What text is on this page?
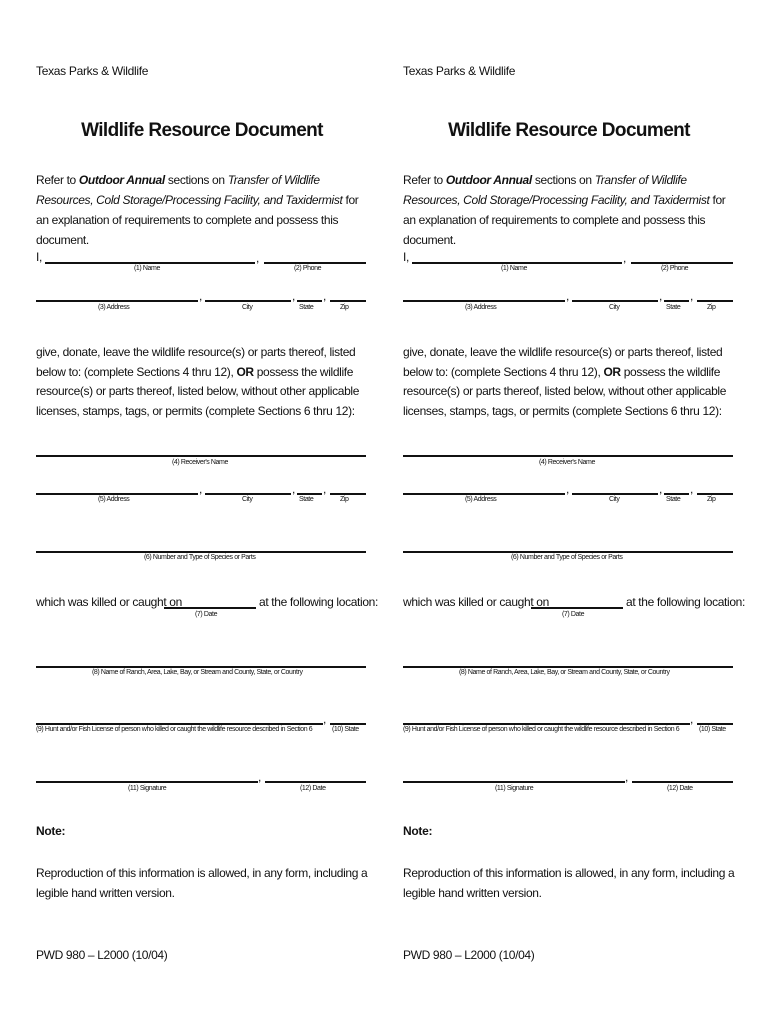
Texas Parks & Wildlife
Wildlife Resource Document
Refer to Outdoor Annual sections on Transfer of Wildlife Resources, Cold Storage/Processing Facility, and Taxidermist for an explanation of requirements to complete and possess this document.
I,	,
(1) Name	(2) Phone
,	, ,
(3) Address	City	State	Zip
give, donate, leave the wildlife resource(s) or parts thereof, listed below to: (complete Sections 4 thru 12), OR possess the wildlife resource(s) or parts thereof, listed below, without other applicable licenses, stamps, tags, or permits (complete Sections 6 thru 12):
(4) Receiver's Name
,	, ,
(5) Address	City	State	Zip
(6) Number and Type of Species or Parts
which was killed or caught on	at the following location:
(7) Date
(8) Name of Ranch, Area, Lake, Bay, or Stream and County, State, or Country
,
(9) Hunt and/or Fish License of person who killed or caught the wildlife resource described in Section 6	(10) State
,
(11) Signature	(12) Date
Note:
Reproduction of this information is allowed, in any form, including a legible hand written version.
PWD 980 – L2000 (10/04)
Texas Parks & Wildlife
Wildlife Resource Document
Refer to Outdoor Annual sections on Transfer of Wildlife Resources, Cold Storage/Processing Facility, and Taxidermist for an explanation of requirements to complete and possess this document.
I,	,
(1) Name	(2) Phone
,	, ,
(3) Address	City	State	Zip
give, donate, leave the wildlife resource(s) or parts thereof, listed below to: (complete Sections 4 thru 12), OR possess the wildlife resource(s) or parts thereof, listed below, without other applicable licenses, stamps, tags, or permits (complete Sections 6 thru 12):
(4) Receiver's Name
,	, ,
(5) Address	City	State	Zip
(6) Number and Type of Species or Parts
which was killed or caught on	at the following location:
(7) Date
(8) Name of Ranch, Area, Lake, Bay, or Stream and County, State, or Country
,
(9) Hunt and/or Fish License of person who killed or caught the wildlife resource described in Section 6	(10) State
,
(11) Signature	(12) Date
Note:
Reproduction of this information is allowed, in any form, including a legible hand written version.
PWD 980 – L2000 (10/04)
